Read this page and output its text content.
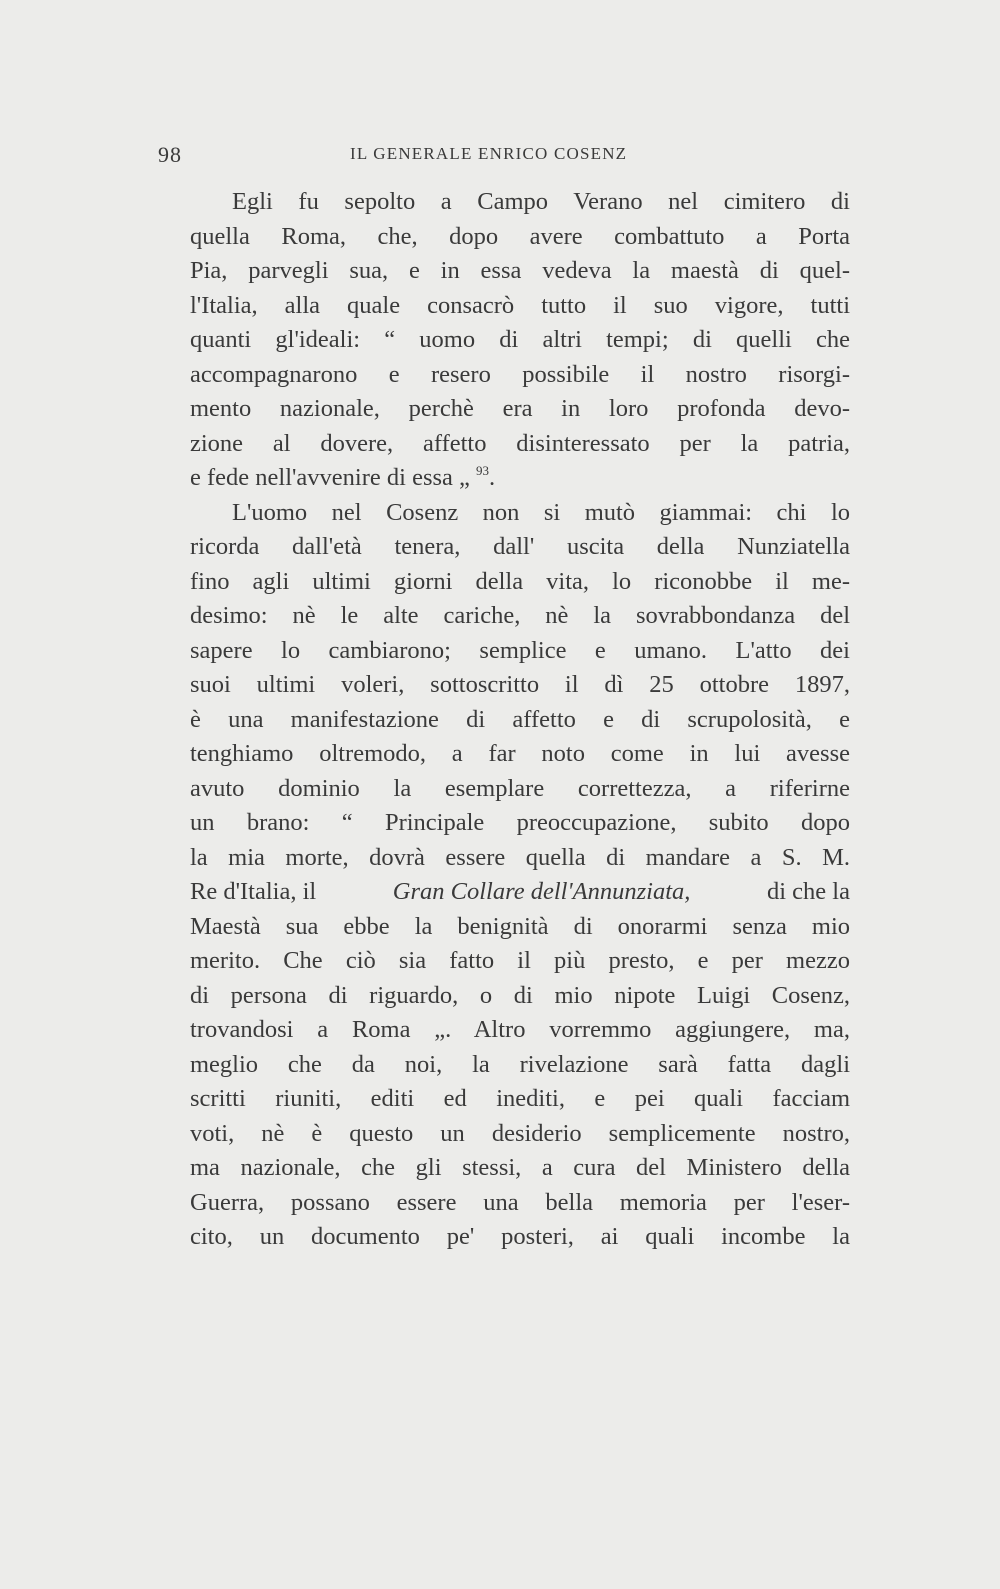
98	IL GENERALE ENRICO COSENZ
Egli fu sepolto a Campo Verano nel cimitero di
quella Roma, che, dopo avere combattuto a Porta
Pia, parvegli sua, e in essa vedeva la maestà di quel-
l'Italia, alla quale consacrò tutto il suo vigore, tutti
quanti gl'ideali: “ uomo di altri tempi; di quelli che
accompagnarono e resero possibile il nostro risorgi-
mento nazionale, perchè era in loro profonda devo-
zione al dovere, affetto disinteressato per la patria,
e fede nell'avvenire di essa „ $^{93}$.
L'uomo nel Cosenz non si mutò giammai: chi lo
ricorda dall'età tenera, dall' uscita della Nunziatella
fino agli ultimi giorni della vita, lo riconobbe il me-
desimo: nè le alte cariche, nè la sovrabbondanza del
sapere lo cambiarono; semplice e umano. L'atto dei
suoi ultimi voleri, sottoscritto il dì 25 ottobre 1897,
è una manifestazione di affetto e di scrupolosità, e
tenghiamo oltremodo, a far noto come in lui avesse
avuto dominio la esemplare correttezza, a riferirne
un brano: “ Principale preoccupazione, subito dopo
la mia morte, dovrà essere quella di mandare a S. M.
Re d'Italia, il	Gran Collare dell'Annunziata,	di che la
Maestà sua ebbe la benignità di onorarmi senza mio
merito. Che ciò sia fatto il più presto, e per mezzo
di persona di riguardo, o di mio nipote Luigi Cosenz,
trovandosi a Roma „. Altro vorremmo aggiungere, ma,
meglio che da noi, la rivelazione sarà fatta dagli
scritti riuniti, editi ed inediti, e pei quali facciam
voti, nè è questo un desiderio semplicemente nostro,
ma nazionale, che gli stessi, a cura del Ministero della
Guerra, possano essere una bella memoria per l'eser-
cito, un documento pe' posteri, ai quali incombe la
